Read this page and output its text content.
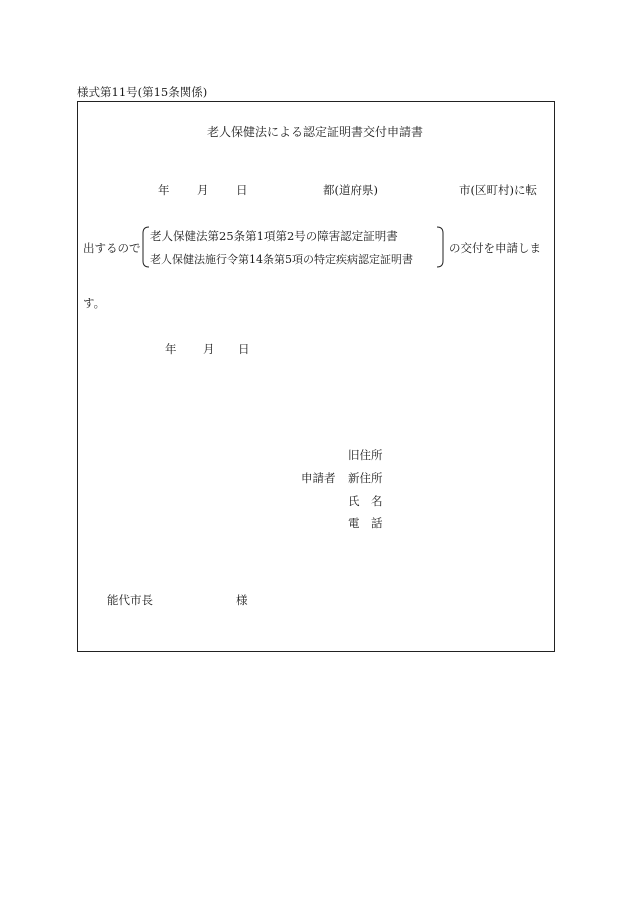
様式第11号(第15条関係)
老人保健法による認定証明書交付申請書
年 月 日	都(道府県)	市(区町村)に転
出するので
老人保健法第25条第1項第2号の障害認定証明書
老人保健法施行令第14条第5項の特定疾病認定証明書
の交付を申請しま
す。
年 月 日
旧住所
申請者 新住所
氏　名
電　話
能代市長	様
